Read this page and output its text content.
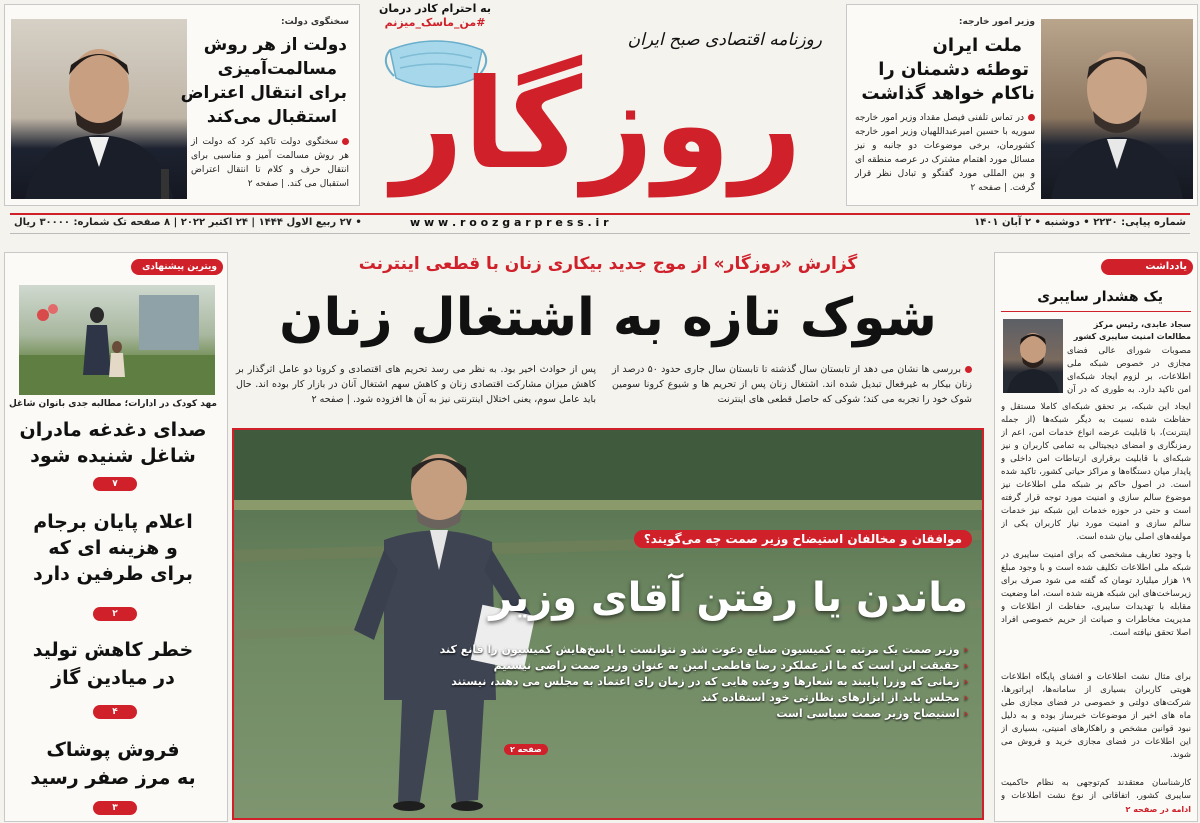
به احترام کادر درمان
#من_ماسک_میزنم
روزنامه اقتصادی صبح ایران
روزگار
شماره پیاپی: ۲۲۳۰ • دوشنبه • ۲ آبان ۱۴۰۱
w w w . r o o z g a r p r e s s . i r
• ۲۷ ربیع الاول ۱۴۴۴ | ۲۴ اکتبر ۲۰۲۲ | ۸ صفحه تک شماره: ۳۰۰۰۰ ریال
وزیر امور خارجه:
ملت ایران
توطئه دشمنان را
ناکام خواهد گذاشت
در تماس تلفنی فیصل مقداد وزیر امور خارجه سوریه با حسین امیرعبداللهیان وزیر امور خارجه کشورمان، برخی موضوعات دو جانبه و نیز مسائل مورد اهتمام مشترک در عرصه منطقه ای و بین المللی مورد گفتگو و تبادل نظر قرار گرفت. | صفحه ۲
سخنگوی دولت:
دولت از هر روش
مسالمت‌آمیزی
برای انتقال اعتراض
استقبال می‌کند
سخنگوی دولت تاکید کرد که دولت از هر روش مسالمت آمیز و مناسبی برای انتقال حرف و کلام تا انتقال اعتراض استقبال می کند. | صفحه ۲
یادداشت
یک هشدار سایبری
سجاد عابدی، رئیس مرکز مطالعات امنیت سایبری کشور
مصوبات شورای عالی فضای مجازی در خصوص شبکه ملی اطلاعات، بر لزوم ایجاد شبکه‌ای امن تاکید دارد. به طوری که در آن
ایجاد این شبکه، بر تحقق شبکه‌ای کاملا مستقل و حفاظت شده نسبت به دیگر شبکه‌ها (از جمله اینترنت)، با قابلیت عرضه انواع خدمات امن، اعم از رمزنگاری و امضای دیجیتالی به تمامی کاربران و نیز شبکه‌ای با قابلیت برقراری ارتباطات امن داخلی و پایدار میان دستگاه‌ها و مراکز حیاتی کشور، تاکید شده است. در اصول حاکم بر شبکه ملی اطلاعات نیز موضوع سالم سازی و امنیت مورد توجه قرار گرفته است و حتی در حوزه خدمات این شبکه نیز خدمات سالم سازی و امنیت مورد نیاز کاربران یکی از مولفه‌های اصلی بیان شده است.
با وجود تعاریف مشخصی که برای امنیت سایبری در شبکه ملی اطلاعات تکلیف شده است و با وجود مبلغ ۱۹ هزار میلیارد تومان که گفته می شود صرف برای زیرساخت‌های این شبکه هزینه شده است، اما وضعیت مقابله با تهدیدات سایبری، حفاظت از اطلاعات و مدیریت مخاطرات و صیانت از حریم خصوصی افراد اصلا تحقق نیافته است.
برای مثال نشت اطلاعات و افشای پایگاه اطلاعات هویتی کاربران بسیاری از سامانه‌ها، اپراتورها، شرکت‌های دولتی و خصوصی در فضای مجازی طی ماه های اخیر از موضوعات خبرساز بوده و به دلیل نبود قوانین مشخص و راهکارهای امنیتی، بسیاری از این اطلاعات در فضای مجازی خرید و فروش می شوند.
کارشناسان معتقدند کم‌توجهی به نظام حاکمیت سایبری کشور، اتفاقاتی از نوع نشت اطلاعات و
ادامه در صفحه ۲
گزارش «روزگار» از موج جدید بیکاری زنان با قطعی اینترنت
شوک تازه به اشتغال زنان
بررسی ها نشان می دهد از تابستان سال گذشته تا تابستان سال جاری حدود ۵۰ درصد از زنان بیکار به غیرفعال تبدیل شده اند. اشتغال زنان پس از تحریم ها و شیوع کرونا سومین شوک خود را تجربه می کند؛ شوکی که حاصل قطعی های اینترنت
پس از حوادث اخیر بود. به نظر می رسد تحریم های اقتصادی و کرونا دو عامل اثرگذار بر کاهش میزان مشارکت اقتصادی زنان و کاهش سهم اشتغال آنان در بازار کار بوده اند. حال باید عامل سوم، یعنی اختلال اینترنتی نیز به آن ها افزوده شود. | صفحه ۲
موافقان و مخالفان استیضاح وزیر صمت چه می‌گویند؟
ماندن یا رفتن آقای وزیر
‹ وزیر صمت یک مرتبه به کمیسیون صنایع دعوت شد و نتوانست با پاسخ‌هایش کمیسیون را قانع کند
‹ حقیقت این است که ما از عملکرد رضا فاطمی امین به عنوان وزیر صمت راضی نیستیم
‹ زمانی که وزرا پایبند به شعارها و وعده هایی که در زمان رای اعتماد به مجلس می دهند، نیستند
‹ مجلس باید از ابزارهای نظارتی خود استفاده کند
‹ استیضاح وزیر صمت سیاسی است
صفحه ۲
ویترین پیشنهادی
مهد کودک در ادارات؛ مطالبه جدی بانوان شاغل
صدای دغدغه مادران
شاغل شنیده شود
۷
اعلام پایان برجام
و هزینه ای که
برای طرفین دارد
۲
خطر کاهش تولید
در میادین گاز
۴
فروش پوشاک
به مرز صفر رسید
۳
